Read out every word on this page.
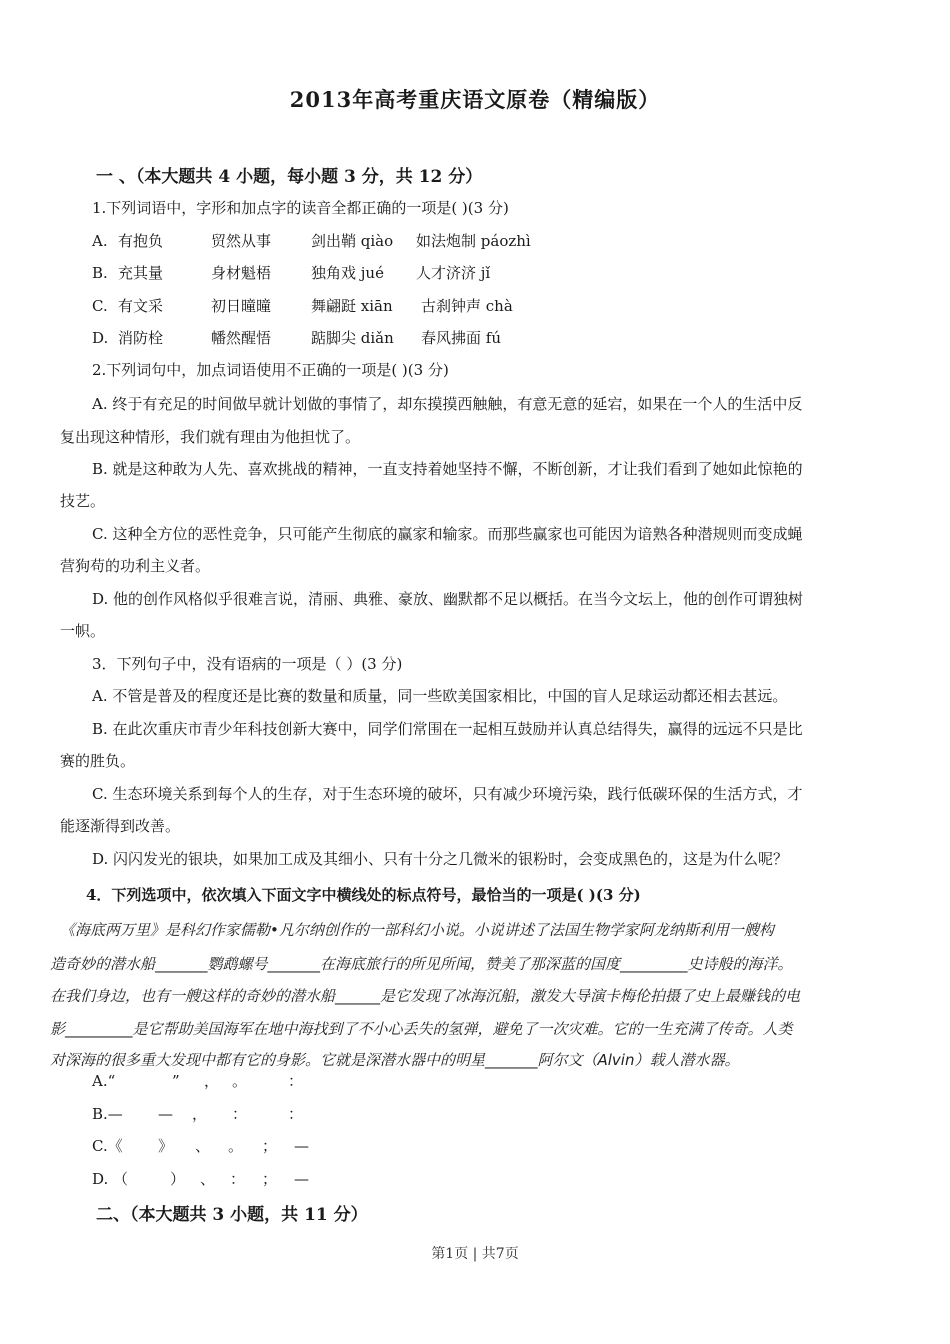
2013年高考重庆语文原卷（精编版）
一 、（本大题共 4 小题，每小题 3 分，共 12 分）
1.下列词语中，字形和加点字的读音全都正确的一项是( )(3 分)
A. 有抱负	贸然从事	剑出鞘 qiào 如法炮制 páozhì
B. 充其量	身材魁梧	独角戏 jué 人才济济 jǐ
C. 有文采	初日曈曈	舞翩跹 xiān 古刹钟声 chà
D. 消防栓	幡然醒悟	踮脚尖 diǎn 春风拂面 fú
2.下列词句中，加点词语使用不正确的一项是( )(3 分)
A. 终于有充足的时间做早就计划做的事情了，却东摸摸西触触，有意无意的延宕，如果在一个人的生活中反
复出现这种情形，我们就有理由为他担忧了。
B. 就是这种敢为人先、喜欢挑战的精神，一直支持着她坚持不懈，不断创新，才让我们看到了她如此惊艳的
技艺。
C. 这种全方位的恶性竞争，只可能产生彻底的赢家和输家。而那些赢家也可能因为谙熟各种潜规则而变成蝇
营狗苟的功利主义者。
D. 他的创作风格似乎很难言说，清丽、典雅、豪放、幽默都不足以概括。在当今文坛上，他的创作可谓独树
一帜。
3．下列句子中，没有语病的一项是（ ）(3 分)
A. 不管是普及的程度还是比赛的数量和质量，同一些欧美国家相比，中国的盲人足球运动都还相去甚远。
B. 在此次重庆市青少年科技创新大赛中，同学们常围在一起相互鼓励并认真总结得失，赢得的远远不只是比
赛的胜负。
C. 生态环境关系到每个人的生存，对于生态环境的破坏，只有减少环境污染，践行低碳环保的生活方式，才
能逐渐得到改善。
D. 闪闪发光的银块，如果加工成及其细小、只有十分之几微米的银粉时，会变成黑色的，这是为什么呢？
4．下列选项中，依次填入下面文字中横线处的标点符号，最恰当的一项是( )(3 分)
《海底两万里》是科幻作家儒勒•凡尔纳创作的一部科幻小说。小说讲述了法国生物学家阿龙纳斯利用一艘构
造奇妙的潜水船_______鹦鹉螺号_______在海底旅行的所见所闻，赞美了那深蓝的国度_________史诗般的海洋。
在我们身边，也有一艘这样的奇妙的潜水船______是它发现了冰海沉船，激发大导演卡梅伦拍摄了史上最赚钱的电
影_________是它帮助美国海军在地中海找到了不小心丢失的氢弹，避免了一次灾难。它的一生充满了传奇。人类
对深海的很多重大发现中都有它的身影。它就是深潜水器中的明星_______阿尔文（Alvin）载人潜水器。
A.“	” ， 。	：
B.— — ， ：	：
C.《 》 、 。 ； —
D. （	） 、 ： ； —
二、（本大题共 3 小题，共 11 分）
第1页 | 共7页
